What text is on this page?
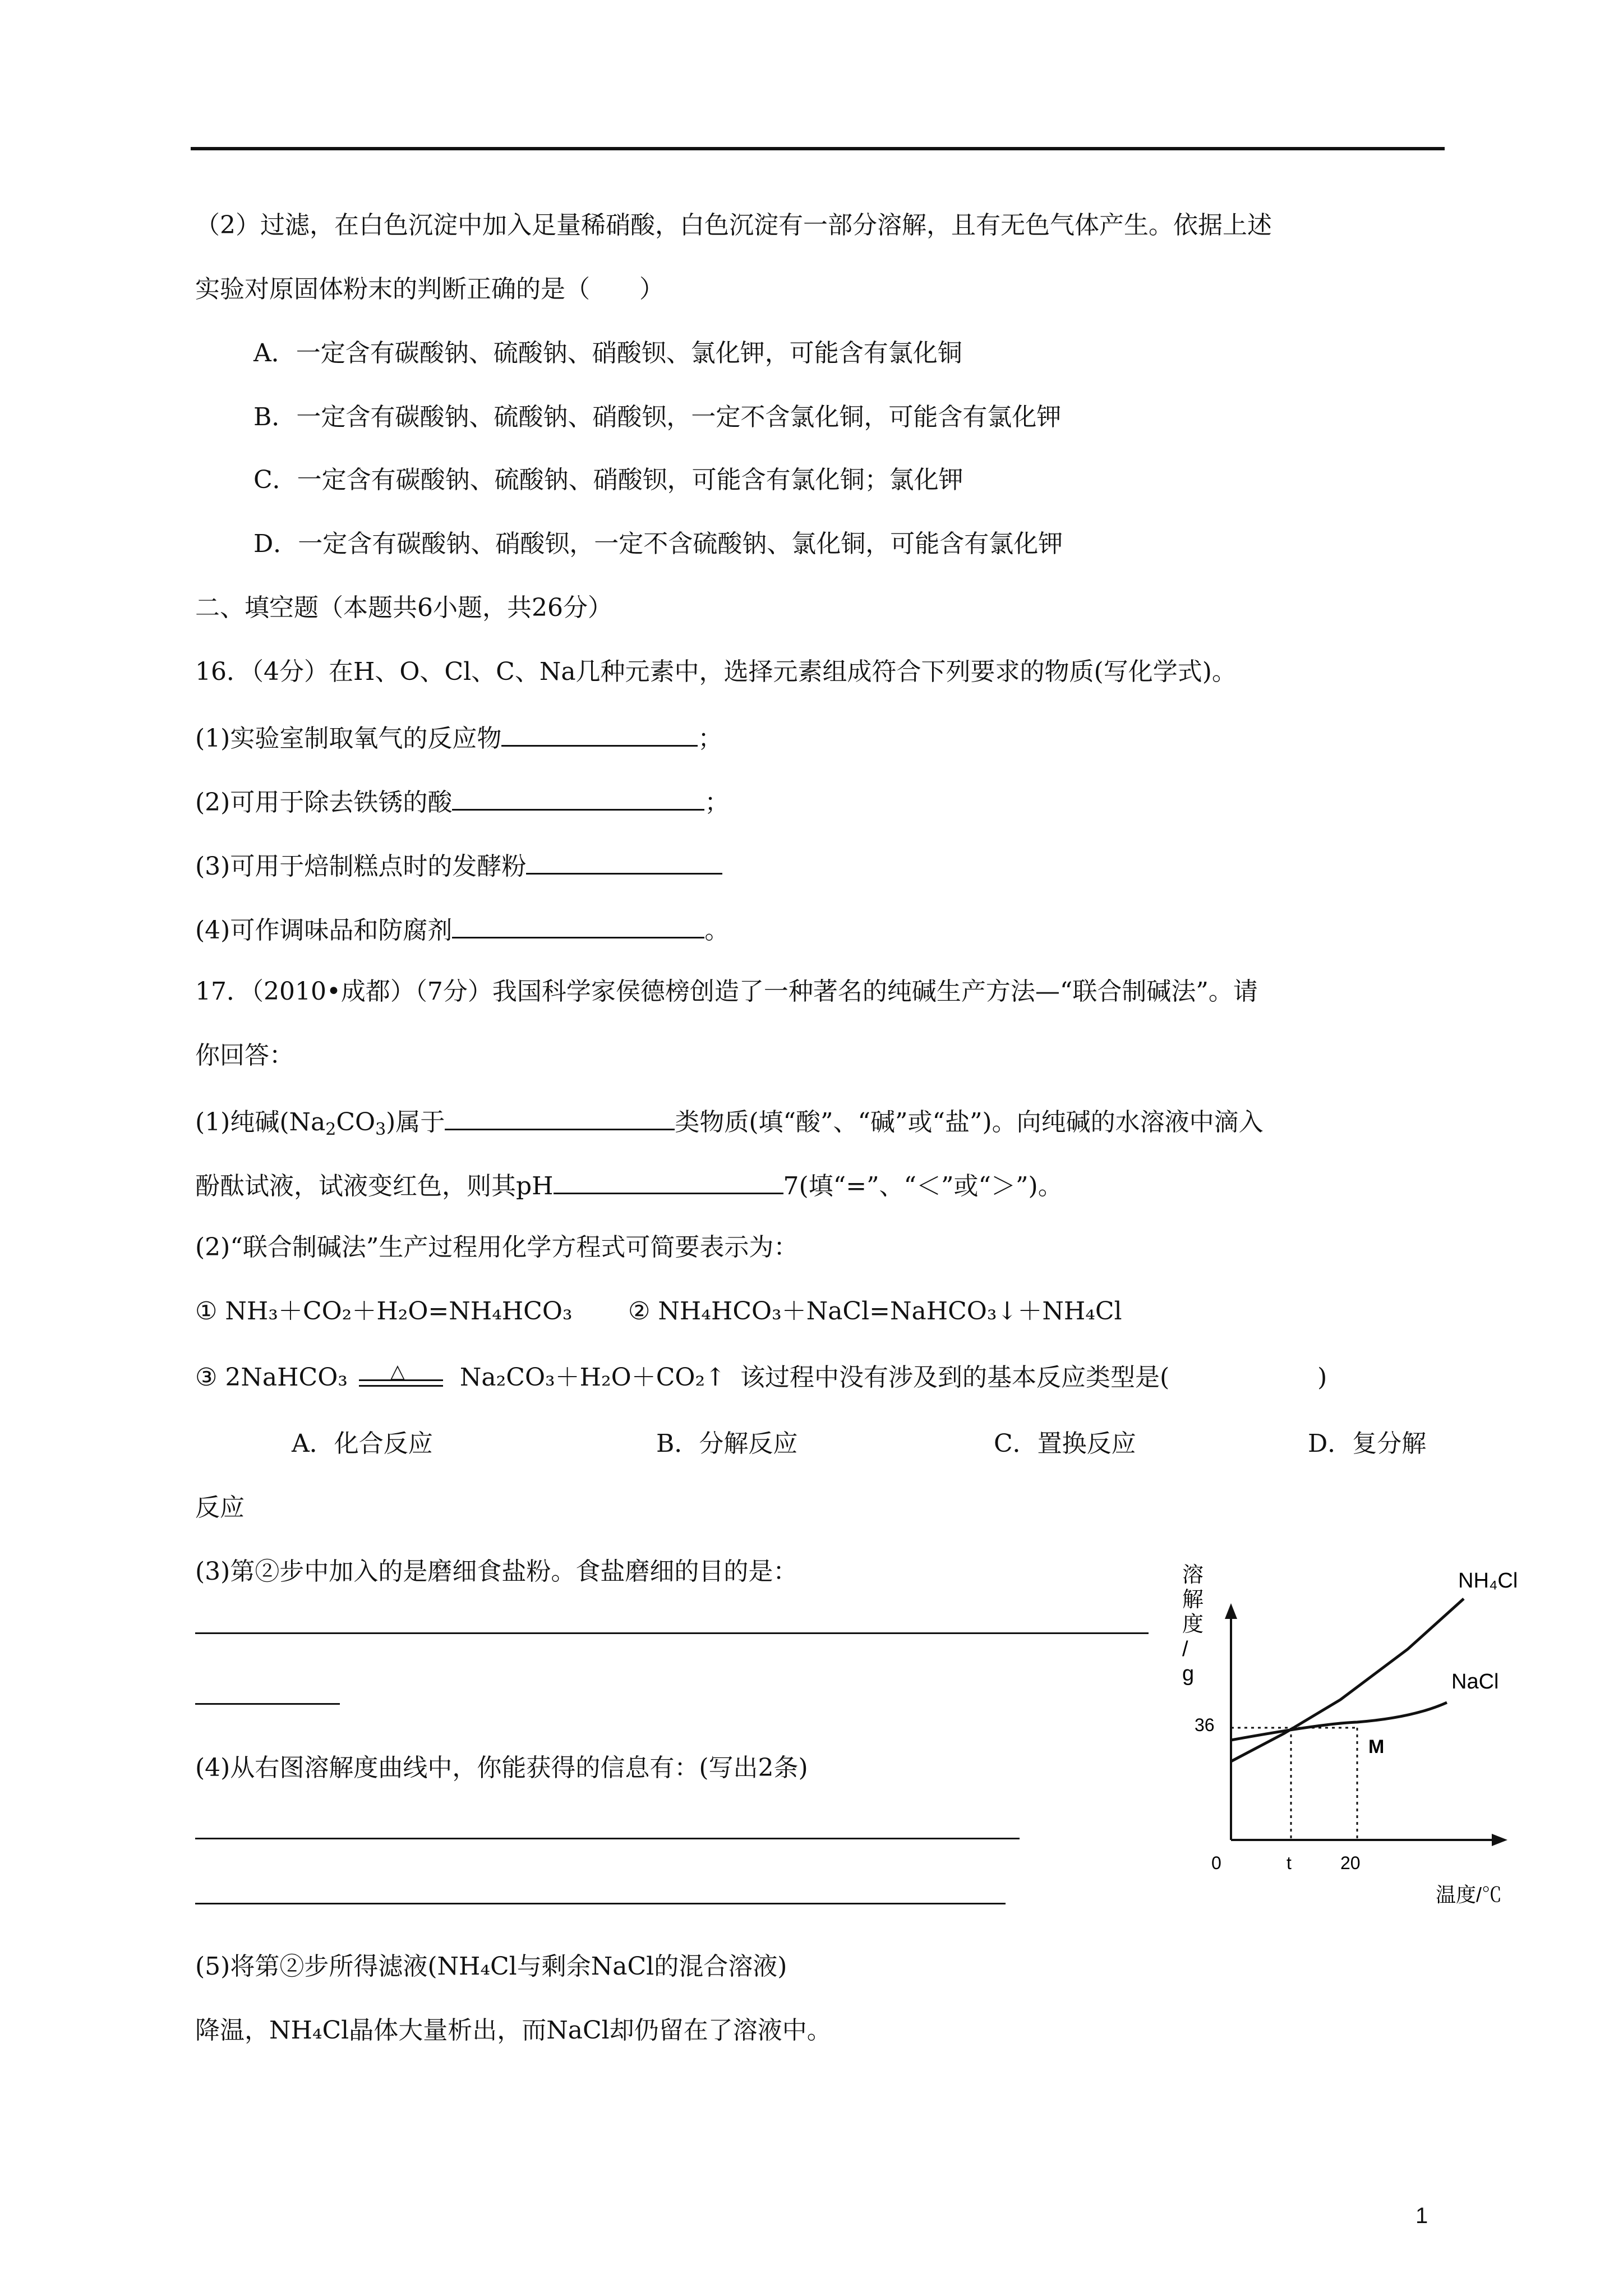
（2）过滤，在白色沉淀中加入足量稀硝酸，白色沉淀有一部分溶解，且有无色气体产生。依据上述
实验对原固体粉末的判断正确的是（　　）
A．一定含有碳酸钠、硫酸钠、硝酸钡、氯化钾，可能含有氯化铜
B．一定含有碳酸钠、硫酸钠、硝酸钡，一定不含氯化铜，可能含有氯化钾
C．一定含有碳酸钠、硫酸钠、硝酸钡，可能含有氯化铜；氯化钾
D．一定含有碳酸钠、硝酸钡，一定不含硫酸钠、氯化铜，可能含有氯化钾
二、填空题（本题共6小题，共26分）
16．（4分）在H、O、Cl、C、Na几种元素中，选择元素组成符合下列要求的物质(写化学式)。
(1)实验室制取氧气的反应物	；
(2)可用于除去铁锈的酸	；
(3)可用于焙制糕点时的发酵粉
(4)可作调味品和防腐剂	。
17．（2010•成都）（7分）我国科学家侯德榜创造了一种著名的纯碱生产方法—“联合制碱法”。请
你回答：
(1)纯碱$(Na_2CO_3)$属于	类物质(填“酸”、“碱”或“盐”)。向纯碱的水溶液中滴入
酚酞试液，试液变红色，则其pH	7(填“=”、“＜”或“＞”)。
(2)“联合制碱法”生产过程用化学方程式可简要表示为：
① NH₃＋CO₂＋H₂O=NH₄HCO₃ ② NH₄HCO₃＋NaCl=NaHCO₃↓＋NH₄Cl
③ 2NaHCO₃ △ Na₂CO₃＋H₂O＋CO₂↑ 该过程中没有涉及到的基本反应类型是(　　　　　　)
A．化合反应	B．分解反应	C．置换反应	D．复分解
反应
(3)第②步中加入的是磨细食盐粉。食盐磨细的目的是：
(4)从右图溶解度曲线中，你能获得的信息有：(写出2条)
(5)将第②步所得滤液(NH₄Cl与剩余NaCl的混合溶液)
降温，NH₄Cl晶体大量析出，而NaCl却仍留在了溶液中。
溶
解
度
/
g
NH₄Cl
NaCl
36
0	t	20
M
温度/℃
1
